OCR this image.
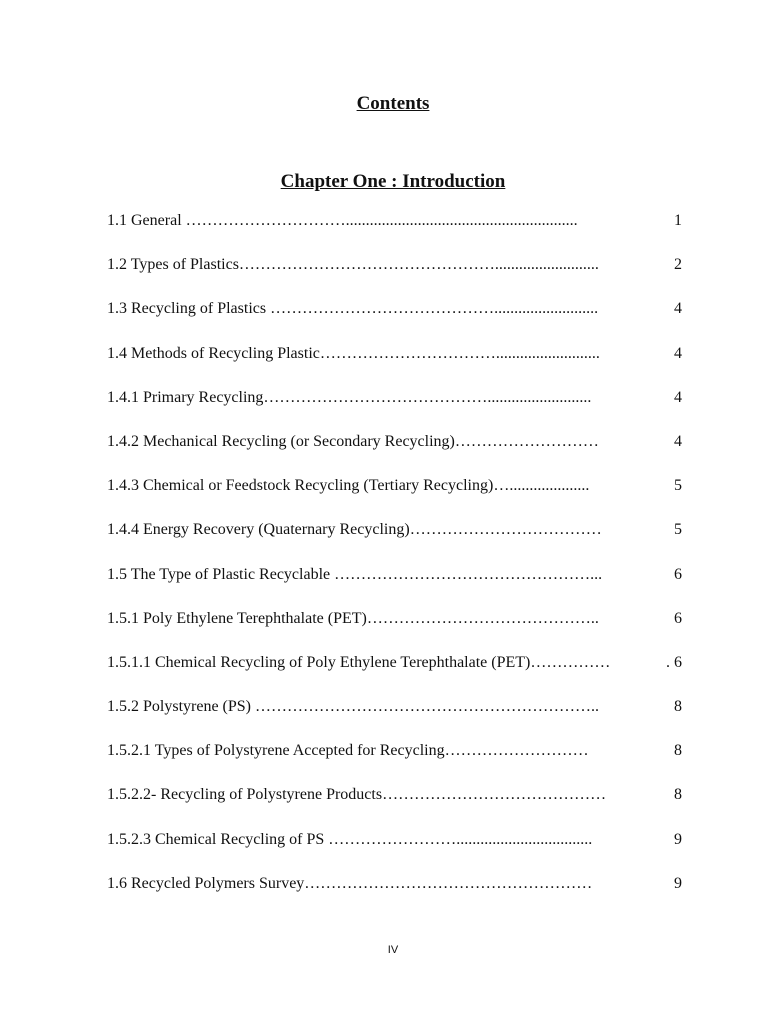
Contents
Chapter One : Introduction
1.1 General …………………………..........................................................	1
1.2 Types of Plastics…………………………………………..........................	2
1.3 Recycling of Plastics ……………………………………..........................	4
1.4 Methods of Recycling Plastic……………………………..........................	4
1.4.1 Primary Recycling……………………………………..........................	4
1.4.2 Mechanical Recycling (or Secondary Recycling)………………………	4
1.4.3 Chemical or Feedstock Recycling (Tertiary Recycling)…....................	5
1.4.4 Energy Recovery (Quaternary Recycling)………………………………	5
1.5 The Type of Plastic Recyclable …………………………………………...	6
1.5.1 Poly Ethylene Terephthalate (PET)……………………………………..	6
1.5.1.1 Chemical Recycling of Poly Ethylene Terephthalate (PET)……………	. 6
1.5.2 Polystyrene (PS) ………………………………………………………..	8
1.5.2.1 Types of Polystyrene Accepted for Recycling………………………	8
1.5.2.2- Recycling of Polystyrene Products……………………………………	8
1.5.2.3 Chemical Recycling of PS ……………………..................................	9
1.6 Recycled Polymers Survey………………………………………………	9

IV
